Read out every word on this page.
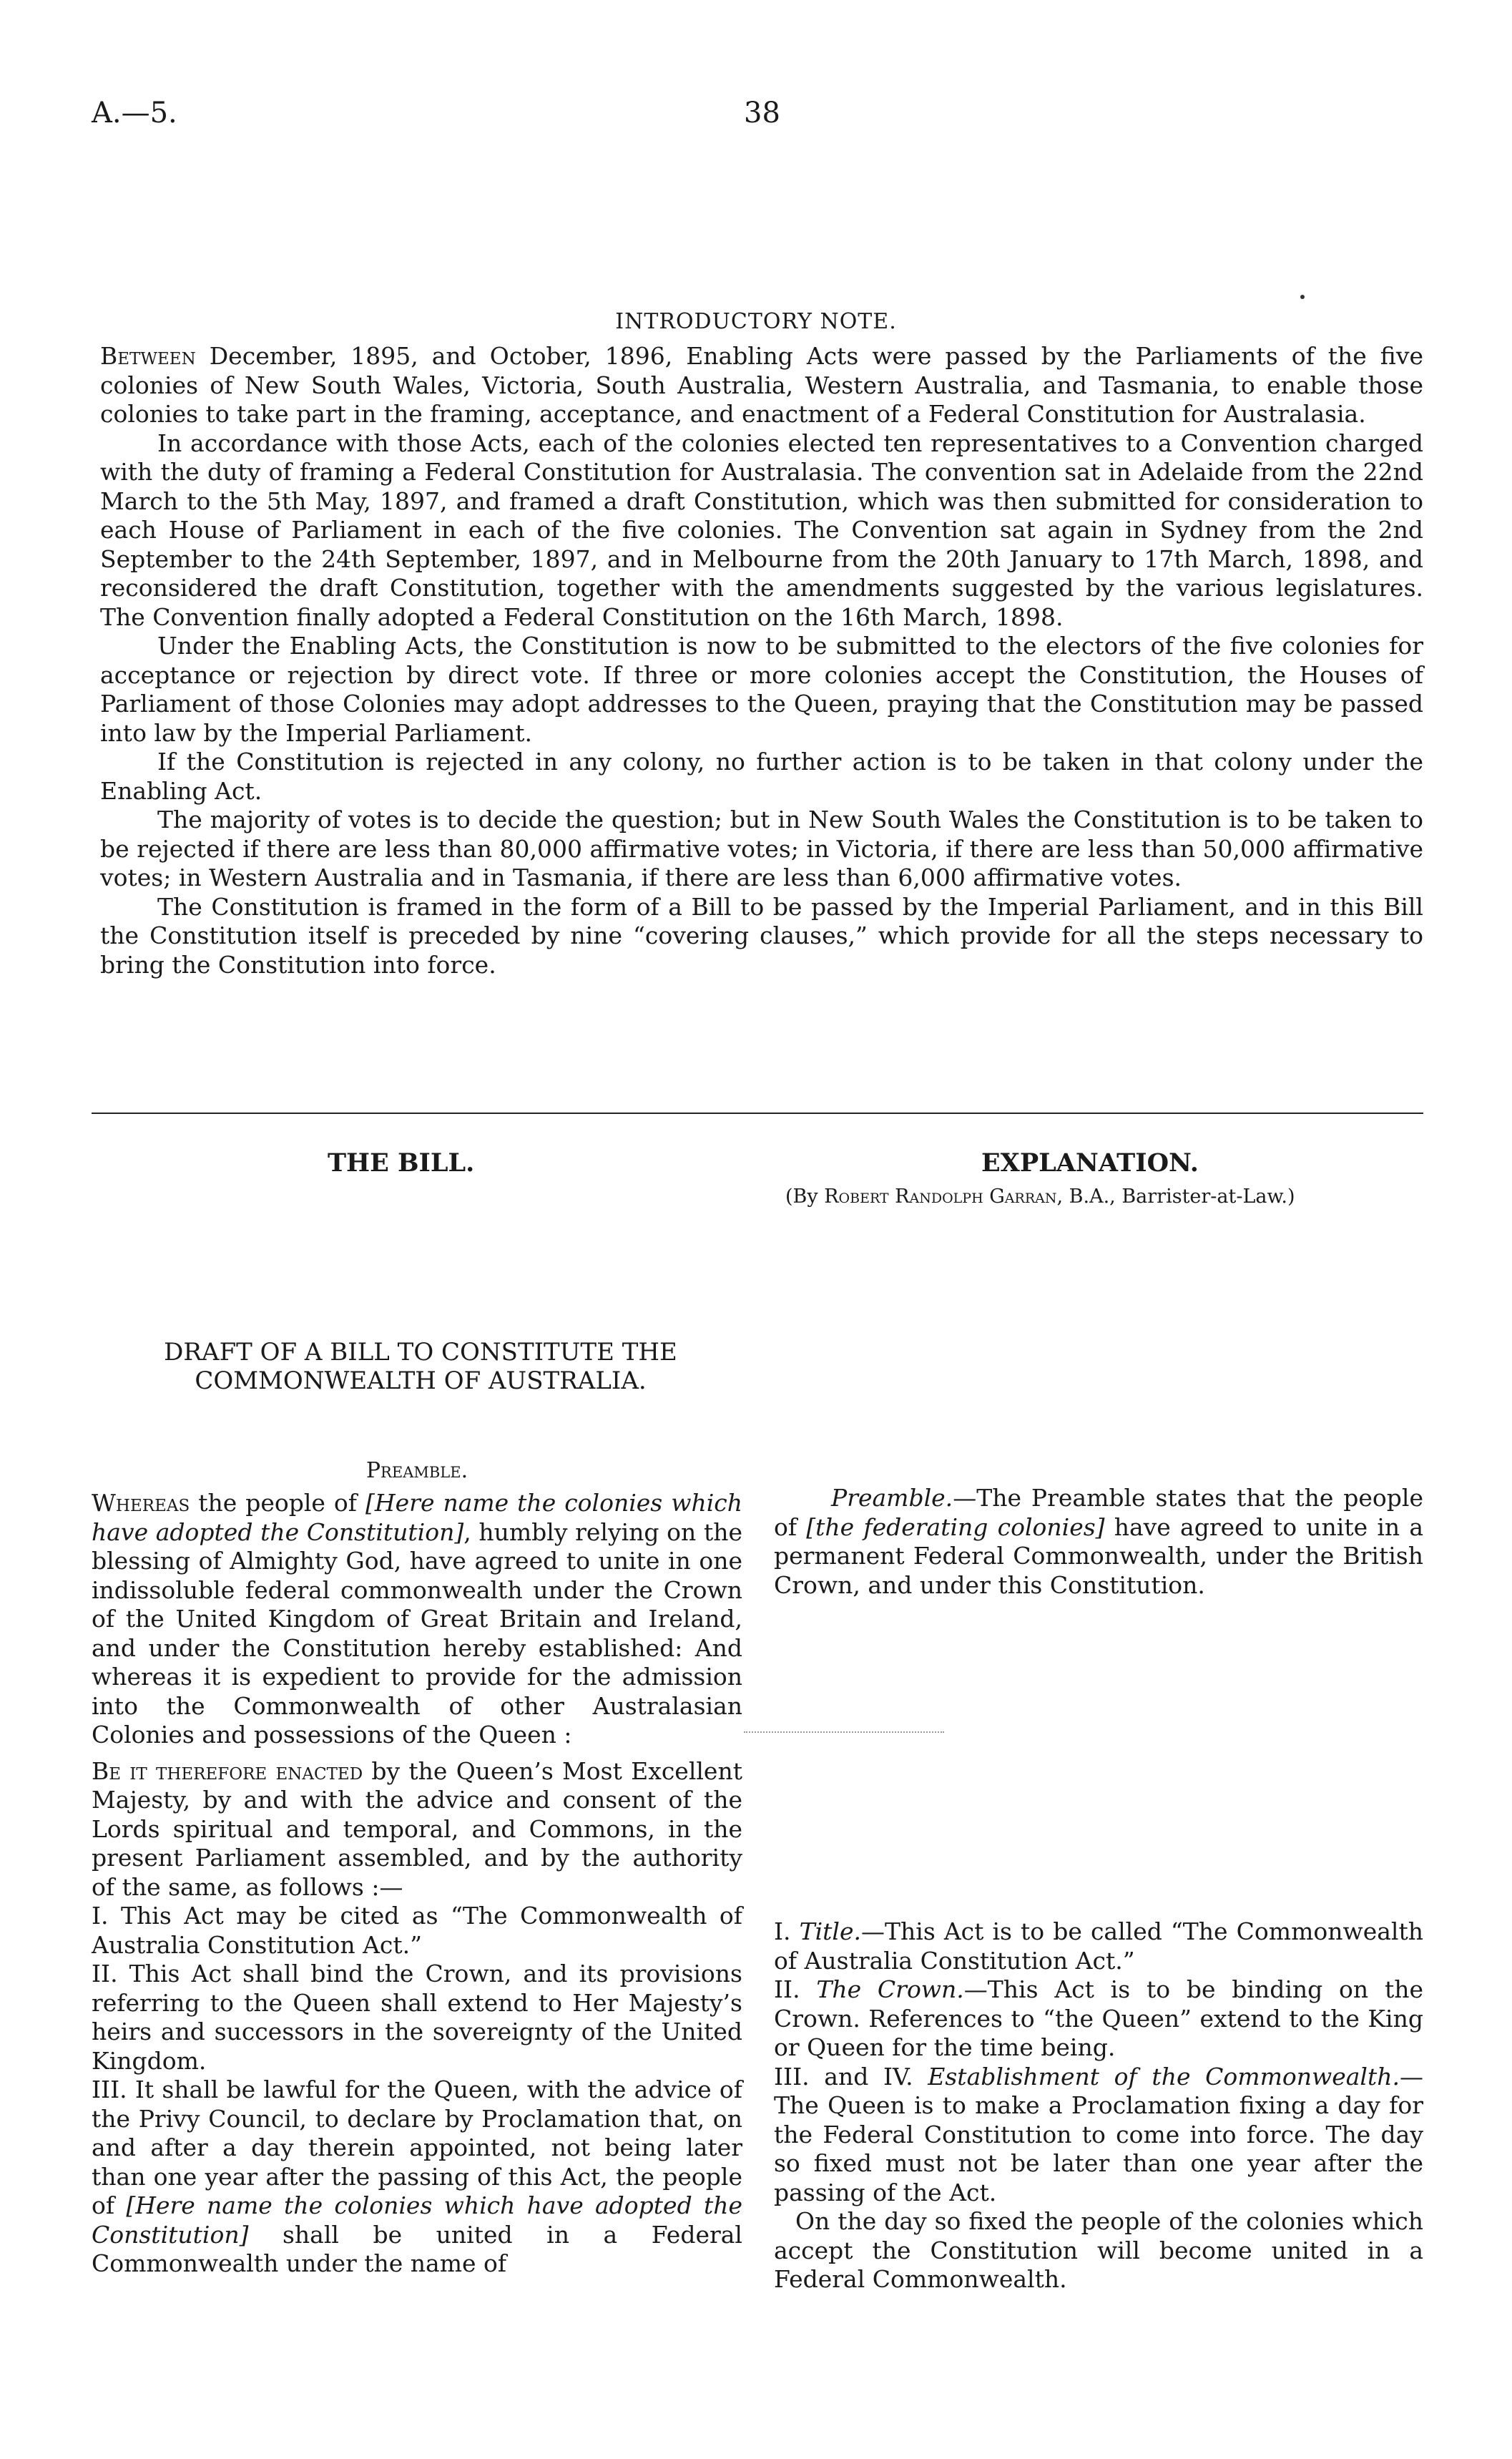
A.—5.	38
INTRODUCTORY NOTE.

Between December, 1895, and October, 1896, Enabling Acts were passed by the Parliaments of the five colonies of New South Wales, Victoria, South Australia, Western Australia, and Tasmania, to enable those colonies to take part in the framing, acceptance, and enactment of a Federal Constitution for Australasia.

In accordance with those Acts, each of the colonies elected ten representatives to a Convention charged with the duty of framing a Federal Constitution for Australasia. The convention sat in Adelaide from the 22nd March to the 5th May, 1897, and framed a draft Constitution, which was then submitted for consideration to each House of Parliament in each of the five colonies. The Convention sat again in Sydney from the 2nd September to the 24th September, 1897, and in Melbourne from the 20th January to 17th March, 1898, and reconsidered the draft Constitution, together with the amendments suggested by the various legislatures. The Convention finally adopted a Federal Constitution on the 16th March, 1898.

Under the Enabling Acts, the Constitution is now to be submitted to the electors of the five colonies for acceptance or rejection by direct vote. If three or more colonies accept the Constitution, the Houses of Parliament of those Colonies may adopt addresses to the Queen, praying that the Constitution may be passed into law by the Imperial Parliament.

If the Constitution is rejected in any colony, no further action is to be taken in that colony under the Enabling Act.

The majority of votes is to decide the question; but in New South Wales the Constitution is to be taken to be rejected if there are less than 80,000 affirmative votes; in Victoria, if there are less than 50,000 affirmative votes; in Western Australia and in Tasmania, if there are less than 6,000 affirmative votes.

The Constitution is framed in the form of a Bill to be passed by the Imperial Parliament, and in this Bill the Constitution itself is preceded by nine “covering clauses,” which provide for all the steps necessary to bring the Constitution into force.

THE BILL.	EXPLANATION.
(By Robert Randolph Garran, B.A., Barrister-at-Law.)
DRAFT OF A BILL TO CONSTITUTE THE COMMONWEALTH OF AUSTRALIA.
Preamble.

Whereas the people of [Here name the colonies which have adopted the Constitution], humbly relying on the blessing of Almighty God, have agreed to unite in one indissoluble federal commonwealth under the Crown of the United Kingdom of Great Britain and Ireland, and under the Constitution hereby established: And whereas it is expedient to provide for the admission into the Commonwealth of other Australasian Colonies and possessions of the Queen :

Be it therefore enacted by the Queen’s Most Excellent Majesty, by and with the advice and consent of the Lords spiritual and temporal, and Commons, in the present Parliament assembled, and by the authority of the same, as follows :—

I. This Act may be cited as “The Commonwealth of Australia Constitution Act.”

II. This Act shall bind the Crown, and its provisions referring to the Queen shall extend to Her Majesty’s heirs and successors in the sovereignty of the United Kingdom.

III. It shall be lawful for the Queen, with the advice of the Privy Council, to declare by Proclamation that, on and after a day therein appointed, not being later than one year after the passing of this Act, the people of [Here name the colonies which have adopted the Constitution] shall be united in a Federal Commonwealth under the name of

Preamble.—The Preamble states that the people of [the federating colonies] have agreed to unite in a permanent Federal Commonwealth, under the British Crown, and under this Constitution.

I. Title.—This Act is to be called “The Commonwealth of Australia Constitution Act.”

II. The Crown.—This Act is to be binding on the Crown. References to “the Queen” extend to the King or Queen for the time being.

III. and IV. Establishment of the Commonwealth.—The Queen is to make a Proclamation fixing a day for the Federal Constitution to come into force. The day so fixed must not be later than one year after the passing of the Act.

On the day so fixed the people of the colonies which accept the Constitution will become united in a Federal Commonwealth.
